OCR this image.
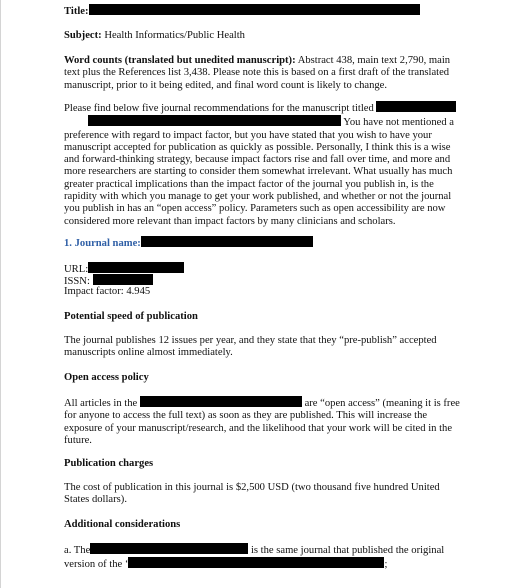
Title:

Subject: Health Informatics/Public Health

Word counts (translated but unedited manuscript): Abstract 438, main text 2,790, main text plus the References list 3,438. Please note this is based on a first draft of the translated manuscript, prior to it being edited, and final word count is likely to change.

Please find below five journal recommendations for the manuscript titled
You have not mentioned a
preference with regard to impact factor, but you have stated that you wish to have your manuscript accepted for publication as quickly as possible. Personally, I think this is a wise and forward-thinking strategy, because impact factors rise and fall over time, and more and more researchers are starting to consider them somewhat irrelevant. What usually has much greater practical implications than the impact factor of the journal you publish in, is the rapidity with which you manage to get your work published, and whether or not the journal you publish in has an “open access” policy. Parameters such as open accessibility are now considered more relevant than impact factors by many clinicians and scholars.

1. Journal name:

URL:

ISSN:

Impact factor: 4.945

Potential speed of publication

The journal publishes 12 issues per year, and they state that they “pre-publish” accepted manuscripts online almost immediately.

Open access policy

All articles in the	are “open access” (meaning it is free for anyone to access the full text) as soon as they are published. This will increase the exposure of your manuscript/research, and the likelihood that your work will be cited in the future.

Publication charges

The cost of publication in this journal is $2,500 USD (two thousand five hundred United States dollars).

Additional considerations

a. The	is the same journal that published the original
version of the ‘	;
